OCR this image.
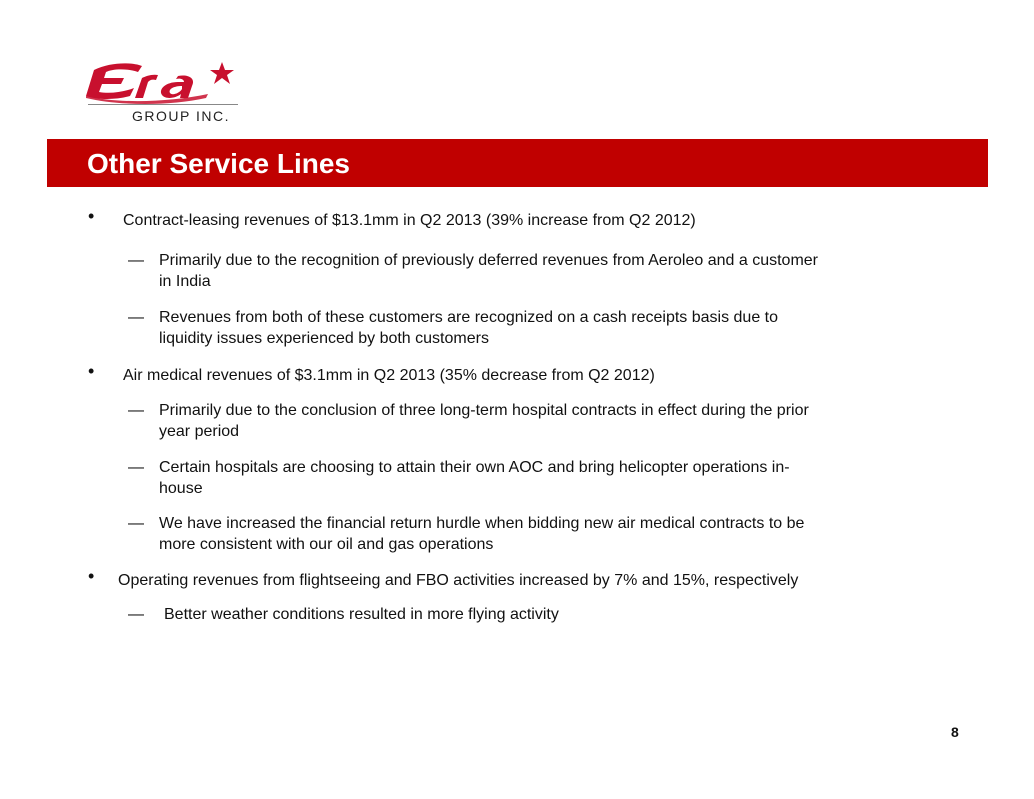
GROUP INC.
Other Service Lines
• Contract-leasing revenues of $13.1mm in Q2 2013 (39% increase from Q2 2012)
— Primarily due to the recognition of previously deferred revenues from Aeroleo and a customer
in India
— Revenues from both of these customers are recognized on a cash receipts basis due to
liquidity issues experienced by both customers
• Air medical revenues of $3.1mm in Q2 2013 (35% decrease from Q2 2012)
— Primarily due to the conclusion of three long-term hospital contracts in effect during the prior
year period
— Certain hospitals are choosing to attain their own AOC and bring helicopter operations in-
house
— We have increased the financial return hurdle when bidding new air medical contracts to be
more consistent with our oil and gas operations
• Operating revenues from flightseeing and FBO activities increased by 7% and 15%, respectively
— Better weather conditions resulted in more flying activity
8
